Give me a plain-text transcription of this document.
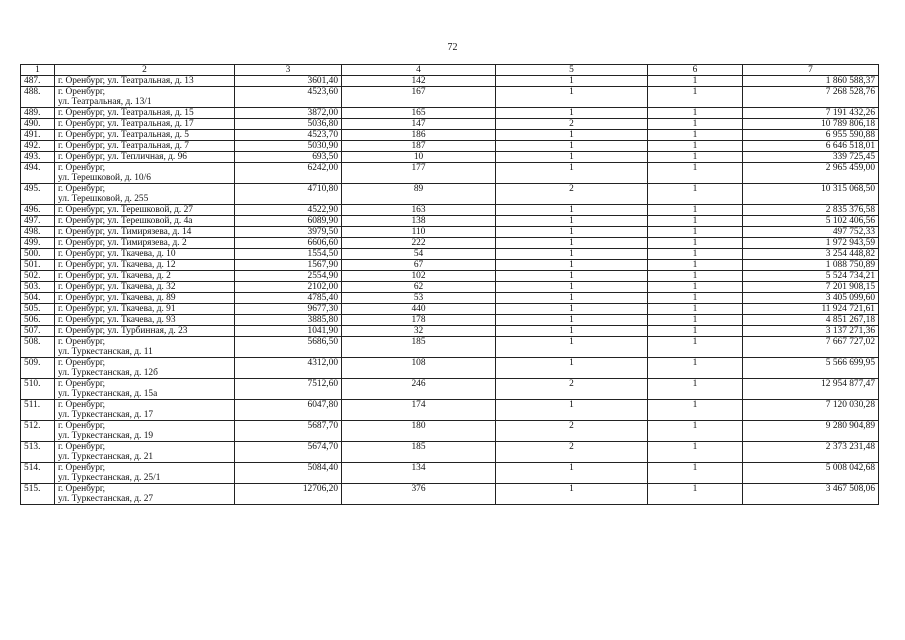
72
1	2	3	4	5	6	7
487.	г. Оренбург, ул. Театральная, д. 13	3601,40	142	1	1	1 860 588,37
488.	г. Оренбург,
ул. Театральная, д. 13/1	4523,60	167	1	1	7 268 528,76
489.	г. Оренбург, ул. Театральная, д. 15	3872,00	165	1	1	7 191 432,26
490.	г. Оренбург, ул. Театральная, д. 17	5036,80	147	2	1	10 789 806,18
491.	г. Оренбург, ул. Театральная, д. 5	4523,70	186	1	1	6 955 590,88
492.	г. Оренбург, ул. Театральная, д. 7	5030,90	187	1	1	6 646 518,01
493.	г. Оренбург, ул. Тепличная, д. 96	693,50	10	1	1	339 725,45
494.	г. Оренбург,
ул. Терешковой, д. 10/6	6242,00	177	1	1	2 965 459,00
495.	г. Оренбург,
ул. Терешковой, д. 255	4710,80	89	2	1	10 315 068,50
496.	г. Оренбург, ул. Терешковой, д. 27	4522,90	163	1	1	2 835 376,58
497.	г. Оренбург, ул. Терешковой, д. 4а	6089,90	138	1	1	5 102 406,56
498.	г. Оренбург, ул. Тимирязева, д. 14	3979,50	110	1	1	497 752,33
499.	г. Оренбург, ул. Тимирязева, д. 2	6606,60	222	1	1	1 972 943,59
500.	г. Оренбург, ул. Ткачева, д. 10	1554,50	54	1	1	3 254 448,82
501.	г. Оренбург, ул. Ткачева, д. 12	1567,90	67	1	1	1 088 750,89
502.	г. Оренбург, ул. Ткачева, д. 2	2554,90	102	1	1	5 524 734,21
503.	г. Оренбург, ул. Ткачева, д. 32	2102,00	62	1	1	7 201 908,15
504.	г. Оренбург, ул. Ткачева, д. 89	4785,40	53	1	1	3 405 099,60
505.	г. Оренбург, ул. Ткачева, д. 91	9677,30	440	1	1	11 924 721,61
506.	г. Оренбург, ул. Ткачева, д. 93	3885,80	178	1	1	4 851 267,18
507.	г. Оренбург, ул. Турбинная, д. 23	1041,90	32	1	1	3 137 271,36
508.	г. Оренбург,
ул. Туркестанская, д. 11	5686,50	185	1	1	7 667 727,02
509.	г. Оренбург,
ул. Туркестанская, д. 12б	4312,00	108	1	1	5 566 699,95
510.	г. Оренбург,
ул. Туркестанская, д. 15а	7512,60	246	2	1	12 954 877,47
511.	г. Оренбург,
ул. Туркестанская, д. 17	6047,80	174	1	1	7 120 030,28
512.	г. Оренбург,
ул. Туркестанская, д. 19	5687,70	180	2	1	9 280 904,89
513.	г. Оренбург,
ул. Туркестанская, д. 21	5674,70	185	2	1	2 373 231,48
514.	г. Оренбург,
ул. Туркестанская, д. 25/1	5084,40	134	1	1	5 008 042,68
515.	г. Оренбург,
ул. Туркестанская, д. 27	12706,20	376	1	1	3 467 508,06
